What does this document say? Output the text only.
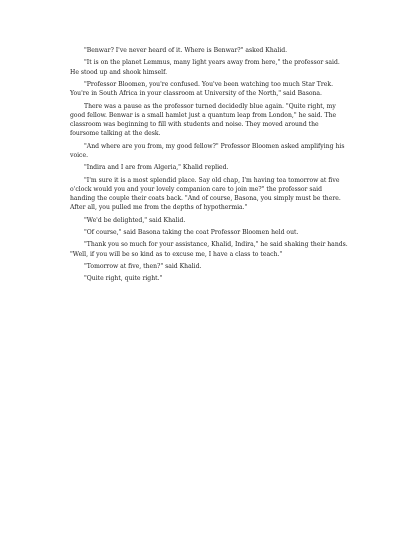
"Benwar? I've never heard of it. Where is Benwar?" asked Khalid.

"It is on the planet Lemmus, many light years away from here," the professor said. He stood up and shook himself.

"Professor Bloomen, you're confused. You've been watching too much Star Trek. You're in South Africa in your classroom at University of the North," said Basona.

There was a pause as the professor turned decidedly blue again. "Quite right, my good fellow. Benwar is a small hamlet just a quantum leap from London," he said. The classroom was beginning to fill with students and noise. They moved around the foursome talking at the desk.

"And where are you from, my good fellow?" Professor Bloomen asked amplifying his voice.

"Indira and I are from Algeria," Khalid replied.

"I'm sure it is a most splendid place. Say old chap, I'm having tea tomorrow at five o'clock would you and your lovely companion care to join me?" the professor said handing the couple their coats back. "And of course, Basona, you simply must be there. After all, you pulled me from the depths of hypothermia."

"We'd be delighted," said Khalid.

"Of course," said Basona taking the coat Professor Bloomen held out.

"Thank you so much for your assistance, Khalid, Indira," he said shaking their hands. "Well, if you will be so kind as to excuse me, I have a class to teach."

"Tomorrow at five, then?" said Khalid.

"Quite right, quite right."
